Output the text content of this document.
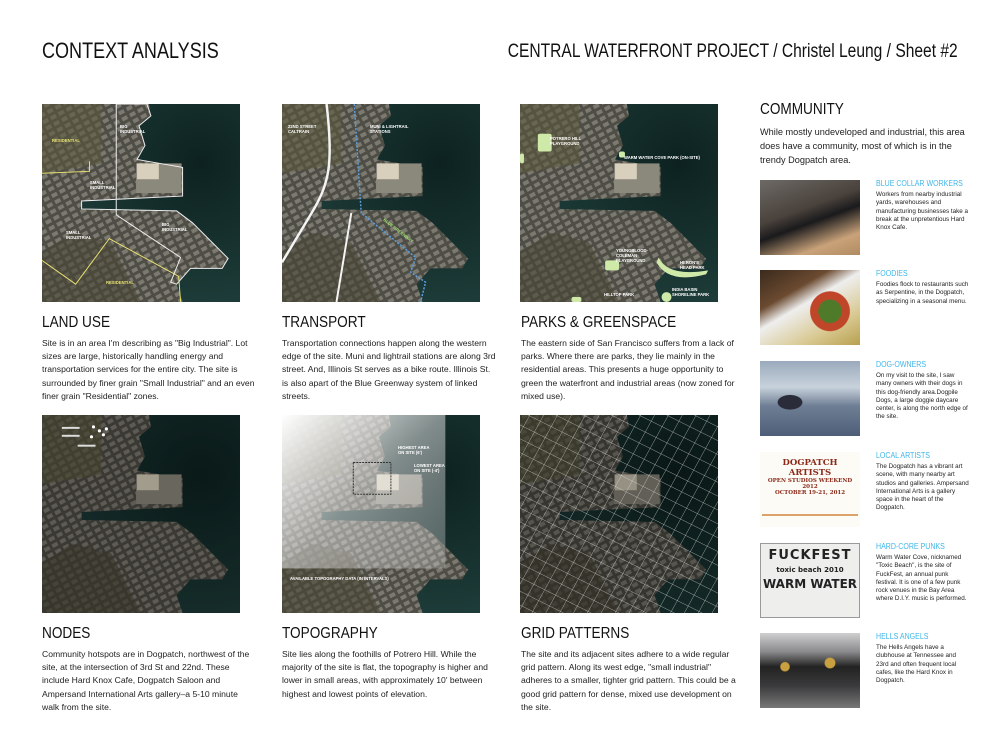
CONTEXT ANALYSIS	CENTRAL WATERFRONT PROJECT / Christel Leung / Sheet #2
RESIDENTIAL
BIG
INDUSTRIAL
SMALL
INDUSTRIAL
SMALL
INDUSTRIAL
BIG
INDUSTRIAL
RESIDENTIAL
22ND STREET
CALTRAIN
MUNI & LIGHTRAIL
STATIONS
BLUE GREENWAY
POTRERO HILL
PLAYGROUND
WARM WATER COVE PARK (ON-SITE)
YOUNGBLOOD-
COLEMAN
PLAYGROUND	HERON'S
HEAD PARK
HILLTOP PARK
INDIA BASIN
SHORELINE PARK
HIGHEST AREA
ON SITE (6')
LOWEST AREA
ON SITE (-4')
AVAILABLE TOPOGRAPHY DATA (IN INTERVALS)
LAND USE

Site is in an area I'm describing as "Big Industrial". Lot sizes are large, historically handling energy and transportation services for the entire city. The site is surrounded by finer grain "Small Industrial" and an even finer grain "Residential" zones.

TRANSPORT

Transportation connections happen along the western edge of the site. Muni and lightrail stations are along 3rd street. And, Illinois St serves as a bike route. Illinois St. is also apart of the Blue Greenway system of linked streets.

PARKS & GREENSPACE

The eastern side of San Francisco suffers from a lack of parks. Where there are parks, they lie mainly in the residential areas. This presents a huge opportunity to green the waterfront and industrial areas (now zoned for mixed use).

NODES

Community hotspots are in Dogpatch, northwest of the site, at the intersection of 3rd St and 22nd. These include Hard Knox Cafe, Dogpatch Saloon and Ampersand International Arts gallery–a 5-10 minute walk from the site.

TOPOGRAPHY

Site lies along the foothills of Potrero Hill. While the majority of the site is flat, the topography is higher and lower in small areas, with approximately 10' between highest and lowest points of elevation.

GRID PATTERNS

The site and its adjacent sites adhere to a wide regular grid pattern. Along its west edge, "small industrial" adheres to a smaller, tighter grid pattern. This could be a good grid pattern for dense, mixed use development on the site.

COMMUNITY

While mostly undeveloped and industrial, this area does have a community, most of which is in the trendy Dogpatch area.

BLUE COLLAR WORKERS

Workers from nearby industrial yards, warehouses and manufacturing businesses take a break at the unpretentious Hard Knox Cafe.

FOODIES

Foodies flock to restaurants such as Serpentine, in the Dogpatch, specializing in a seasonal menu.

DOG-OWNERS

On my visit to the site, I saw many owners with their dogs in this dog-friendly area.Dogpile Dogs, a large doggie daycare center, is along the north edge of the site.

DOGPATCH ARTISTS
OPEN STUDIOS WEEKEND 2012
OCTOBER 19-21, 2012
LOCAL ARTISTS

The Dogpatch has a vibrant art scene, with many nearby art studios and galleries. Ampersand International Arts is a gallery space in the heart of the Dogpatch.

FUCKFEST
toxic beach 2010
WARM WATER
HARD-CORE PUNKS

Warm Water Cove, nicknamed "Toxic Beach", is the site of FuckFest, an annual punk festival. It is one of a few punk rock venues in the Bay Area where D.I.Y. music is performed.

HELLS ANGELS

The Hells Angels have a clubhouse at Tennessee and 23rd and often frequent local cafes, like the Hard Knox in Dogpatch.
